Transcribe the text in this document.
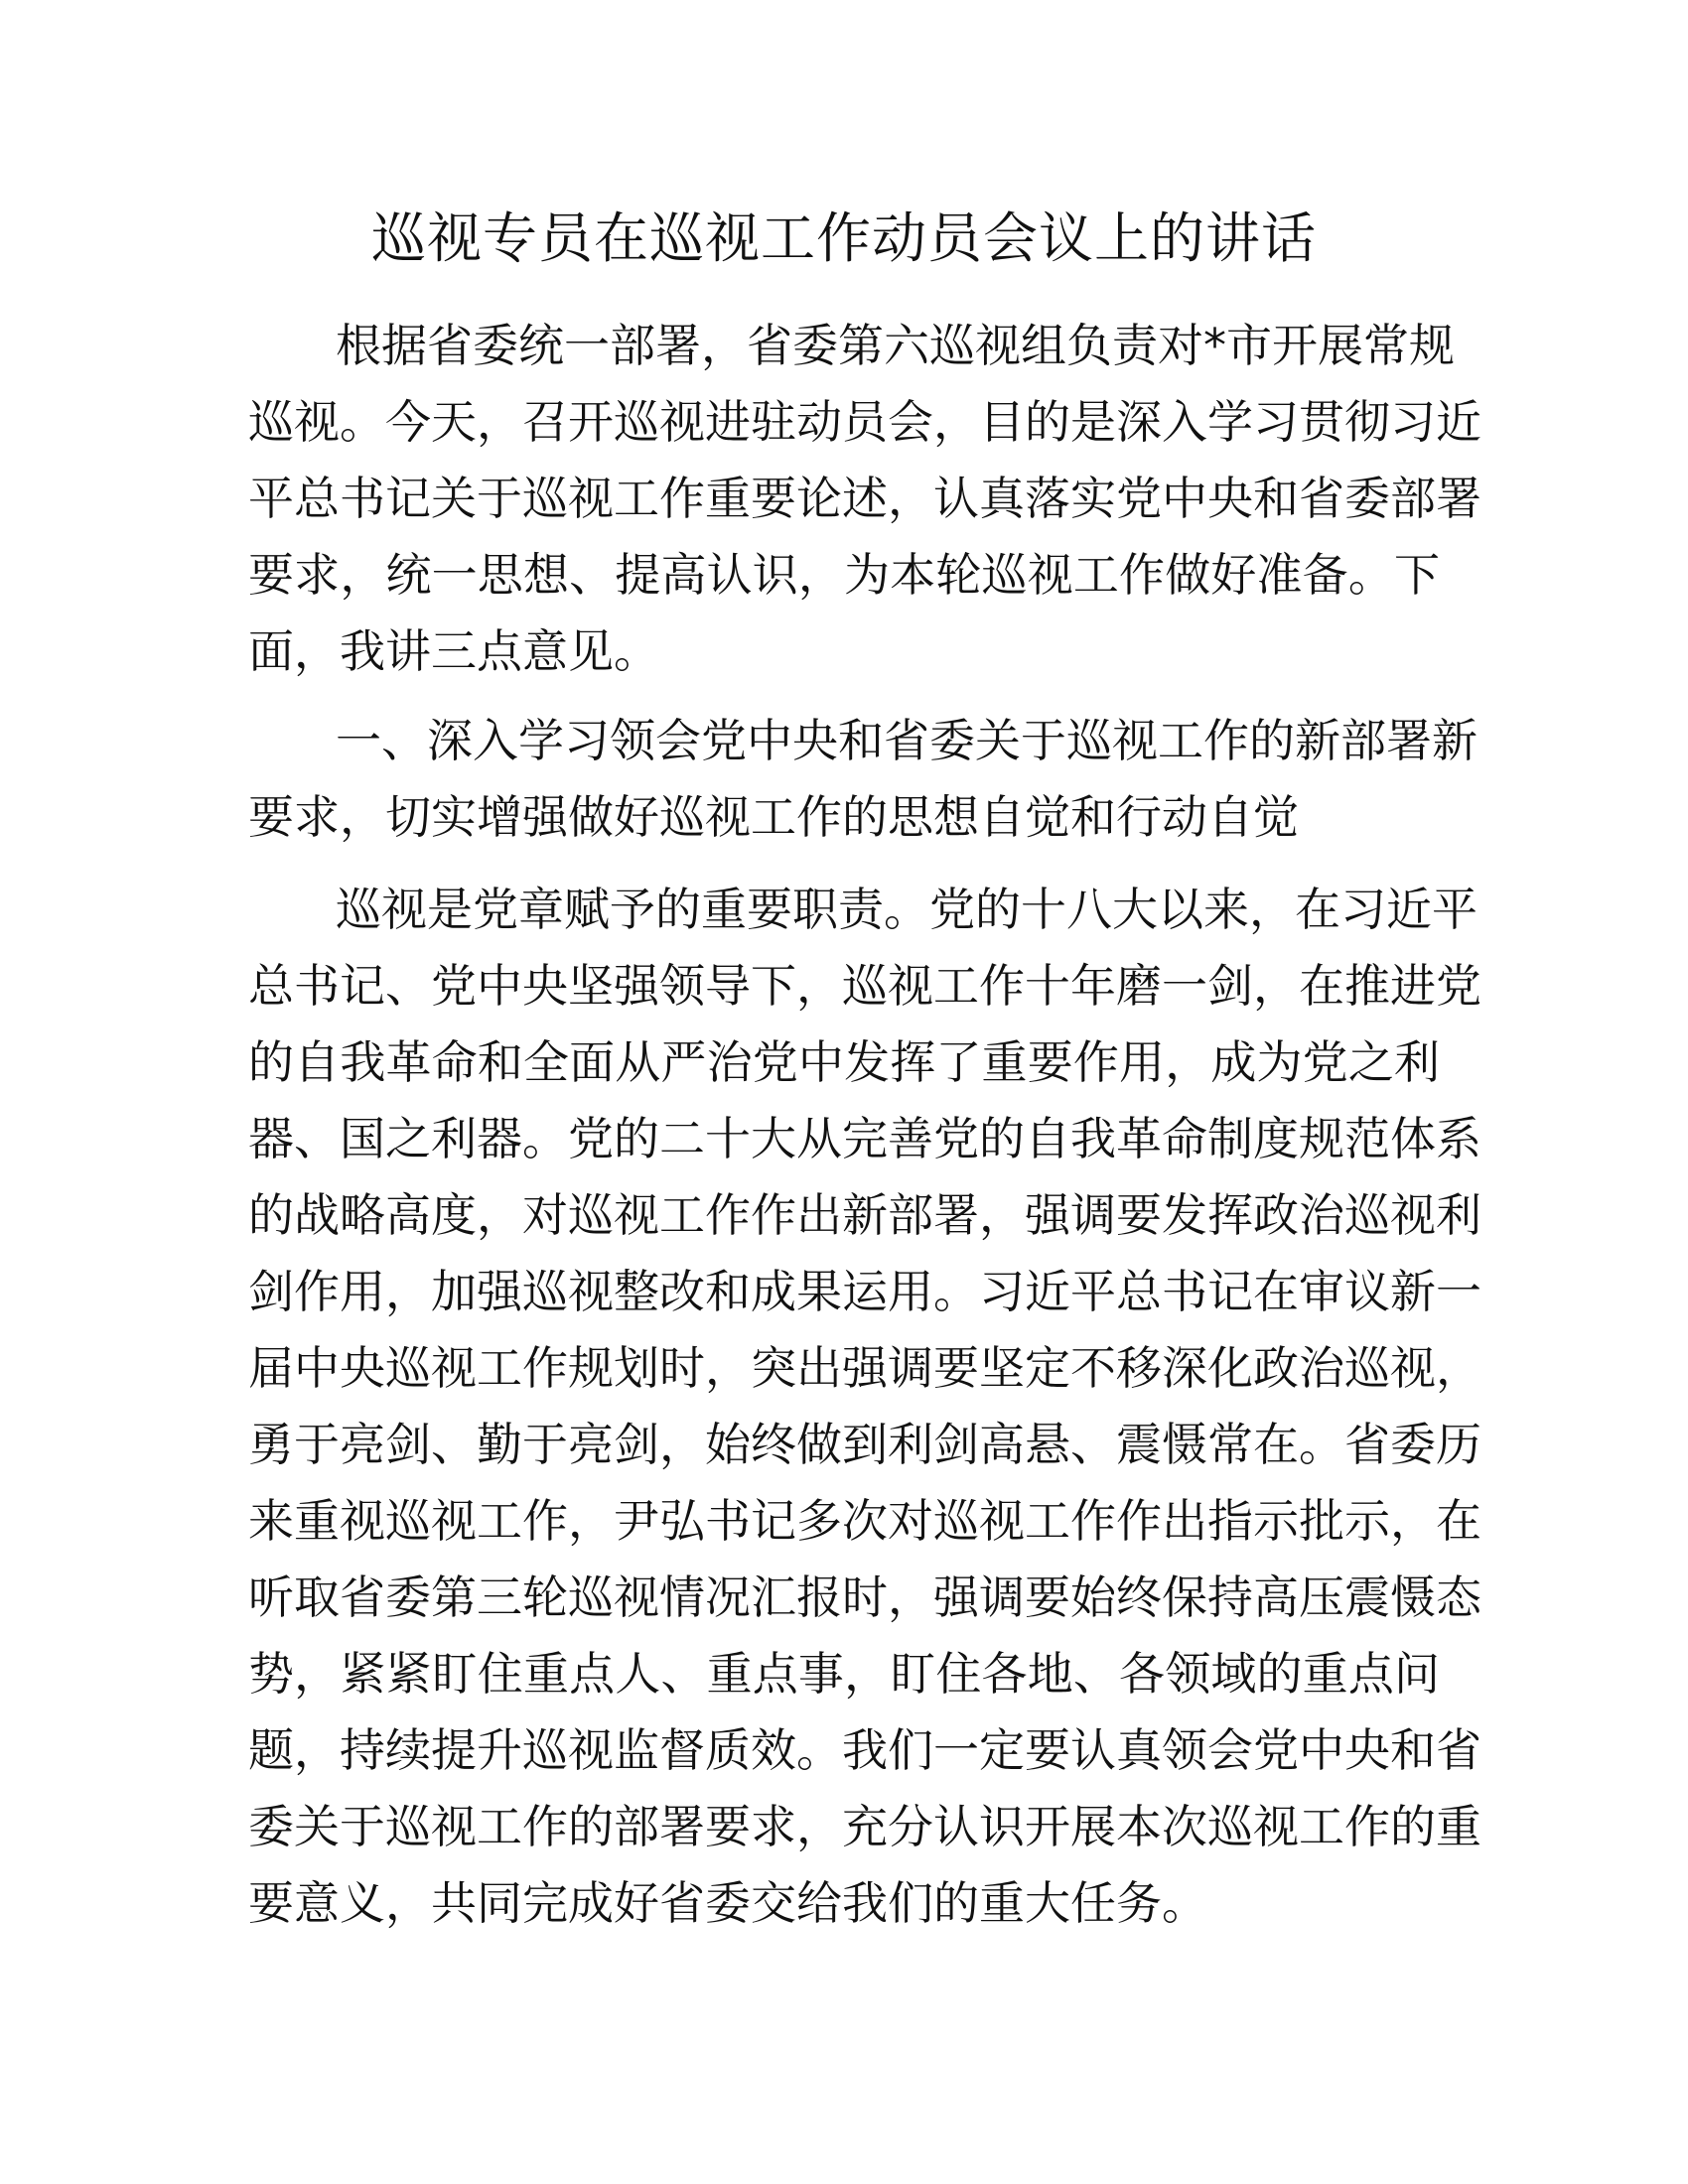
巡视专员在巡视工作动员会议上的讲话

根据省委统一部署，省委第六巡视组负责对*市开展常规

巡视。今天，召开巡视进驻动员会，目的是深入学习贯彻习近

平总书记关于巡视工作重要论述，认真落实党中央和省委部署

要求，统一思想、提高认识，为本轮巡视工作做好准备。下

面，我讲三点意见。

一、深入学习领会党中央和省委关于巡视工作的新部署新

要求，切实增强做好巡视工作的思想自觉和行动自觉

巡视是党章赋予的重要职责。党的十八大以来，在习近平

总书记、党中央坚强领导下，巡视工作十年磨一剑，在推进党

的自我革命和全面从严治党中发挥了重要作用，成为党之利

器、国之利器。党的二十大从完善党的自我革命制度规范体系

的战略高度，对巡视工作作出新部署，强调要发挥政治巡视利

剑作用，加强巡视整改和成果运用。习近平总书记在审议新一

届中央巡视工作规划时，突出强调要坚定不移深化政治巡视，

勇于亮剑、勤于亮剑，始终做到利剑高悬、震慑常在。省委历

来重视巡视工作，尹弘书记多次对巡视工作作出指示批示，在

听取省委第三轮巡视情况汇报时，强调要始终保持高压震慑态

势，紧紧盯住重点人、重点事，盯住各地、各领域的重点问

题，持续提升巡视监督质效。我们一定要认真领会党中央和省

委关于巡视工作的部署要求，充分认识开展本次巡视工作的重

要意义，共同完成好省委交给我们的重大任务。
